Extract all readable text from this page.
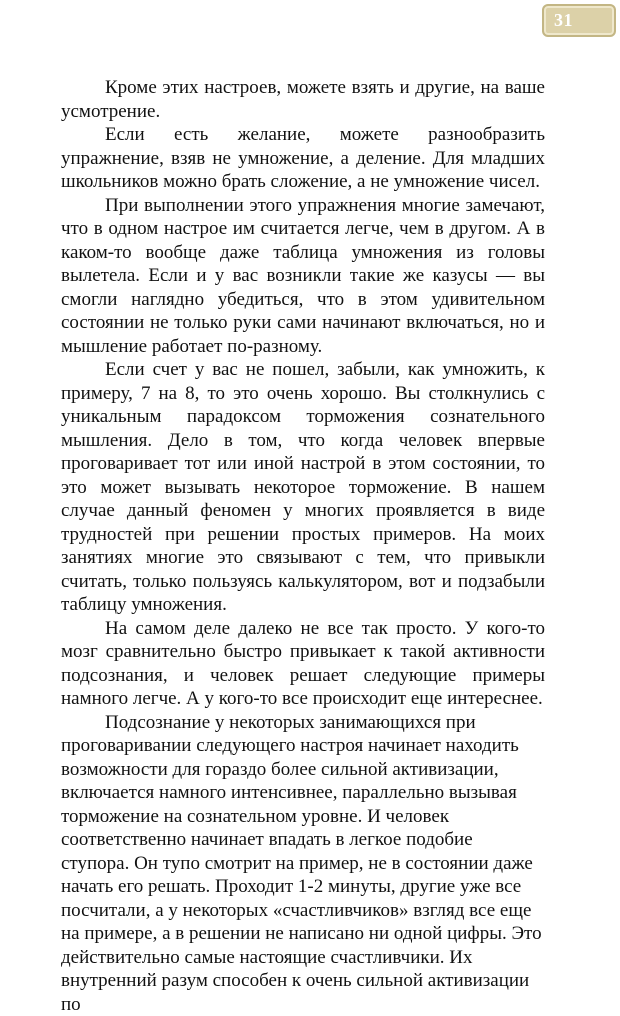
31

Кроме этих настроев, можете взять и другие, на ваше усмотрение.

Если есть желание, можете разнообразить упражнение, взяв не умножение, а деление. Для младших школьников можно брать сложение, а не умножение чисел.

При выполнении этого упражнения многие замечают, что в одном настрое им считается легче, чем в другом. А в каком-то вообще даже таблица умножения из головы вылетела. Если и у вас возникли такие же казусы — вы смогли наглядно убедиться, что в этом удивительном состоянии не только руки сами начинают включаться, но и мышление работает по-разному.

Если счет у вас не пошел, забыли, как умножить, к примеру, 7 на 8, то это очень хорошо. Вы столкнулись с уникальным парадоксом торможения сознательного мышления. Дело в том, что когда человек впервые проговаривает тот или иной настрой в этом состоянии, то это может вызывать некоторое торможение. В нашем случае данный феномен у многих проявляется в виде трудностей при решении простых примеров. На моих занятиях многие это связывают с тем, что привыкли считать, только пользуясь калькулятором, вот и подзабыли таблицу умножения.

На самом деле далеко не все так просто. У кого-то мозг сравнительно быстро привыкает к такой активности подсознания, и человек решает следующие примеры намного легче. А у кого-то все происходит еще интереснее.

Подсознание у некоторых занимающихся при проговаривании следующего настроя начинает находить возможности для гораздо более сильной активизации, включается намного интенсивнее, параллельно вызывая торможение на сознательном уровне. И человек соответственно начинает впадать в легкое подобие ступора. Он тупо смотрит на пример, не в состоянии даже начать его решать. Проходит 1-2 минуты, другие уже все посчитали, а у некоторых «счастливчиков» взгляд все еще на примере, а в решении не написано ни одной цифры. Это действительно самые настоящие счастливчики. Их внутренний разум способен к очень сильной активизации по
